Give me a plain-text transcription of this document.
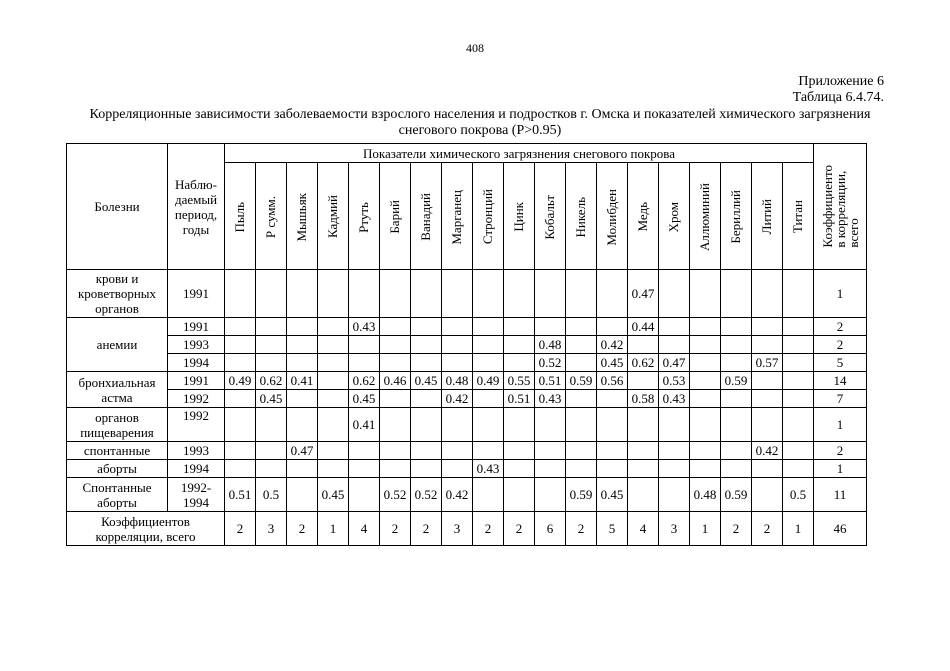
408
Приложение 6
Таблица 6.4.74.
Корреляционные зависимости заболеваемости взрослого населения и подростков г. Омска и показателей химического загрязнения снегового покрова (Р>0.95)
Болезни	Наблю-
даемый
период,
годы	Показатели химического загрязнения снегового покрова																			Коэффициенто
в корреляции,
всего
		Пыль	Р сумм.	Мышьяк	Кадмий	Ртуть	Барий	Ванадий	Марганец	Стронций	Цинк	Кобальт	Никель	Молибден	Медь	Хром	Аллюминий	Бериллий	Литий	Титан	
крови и
кроветворных
органов	1991														0.47						1
анемии	1991					0.43									0.44						2
	1993											0.48		0.42							2
	1994											0.52		0.45	0.62	0.47			0.57		5
бронхиальная
астма	1991	0.49	0.62	0.41		0.62	0.46	0.45	0.48	0.49	0.55	0.51	0.59	0.56		0.53		0.59			14
	1992		0.45			0.45			0.42		0.51	0.43			0.58	0.43					7
органов
пищеварения	1992					0.41															1
спонтанные	1993			0.47															0.42		2
аборты	1994									0.43											1
Спонтанные
аборты	1992-
1994	0.51	0.5		0.45		0.52	0.52	0.42				0.59	0.45			0.48	0.59		0.5	11
Коэффициентов
корреляции, всего		2	3	2	1	4	2	2	3	2	2	6	2	5	4	3	1	2	2	1	46
